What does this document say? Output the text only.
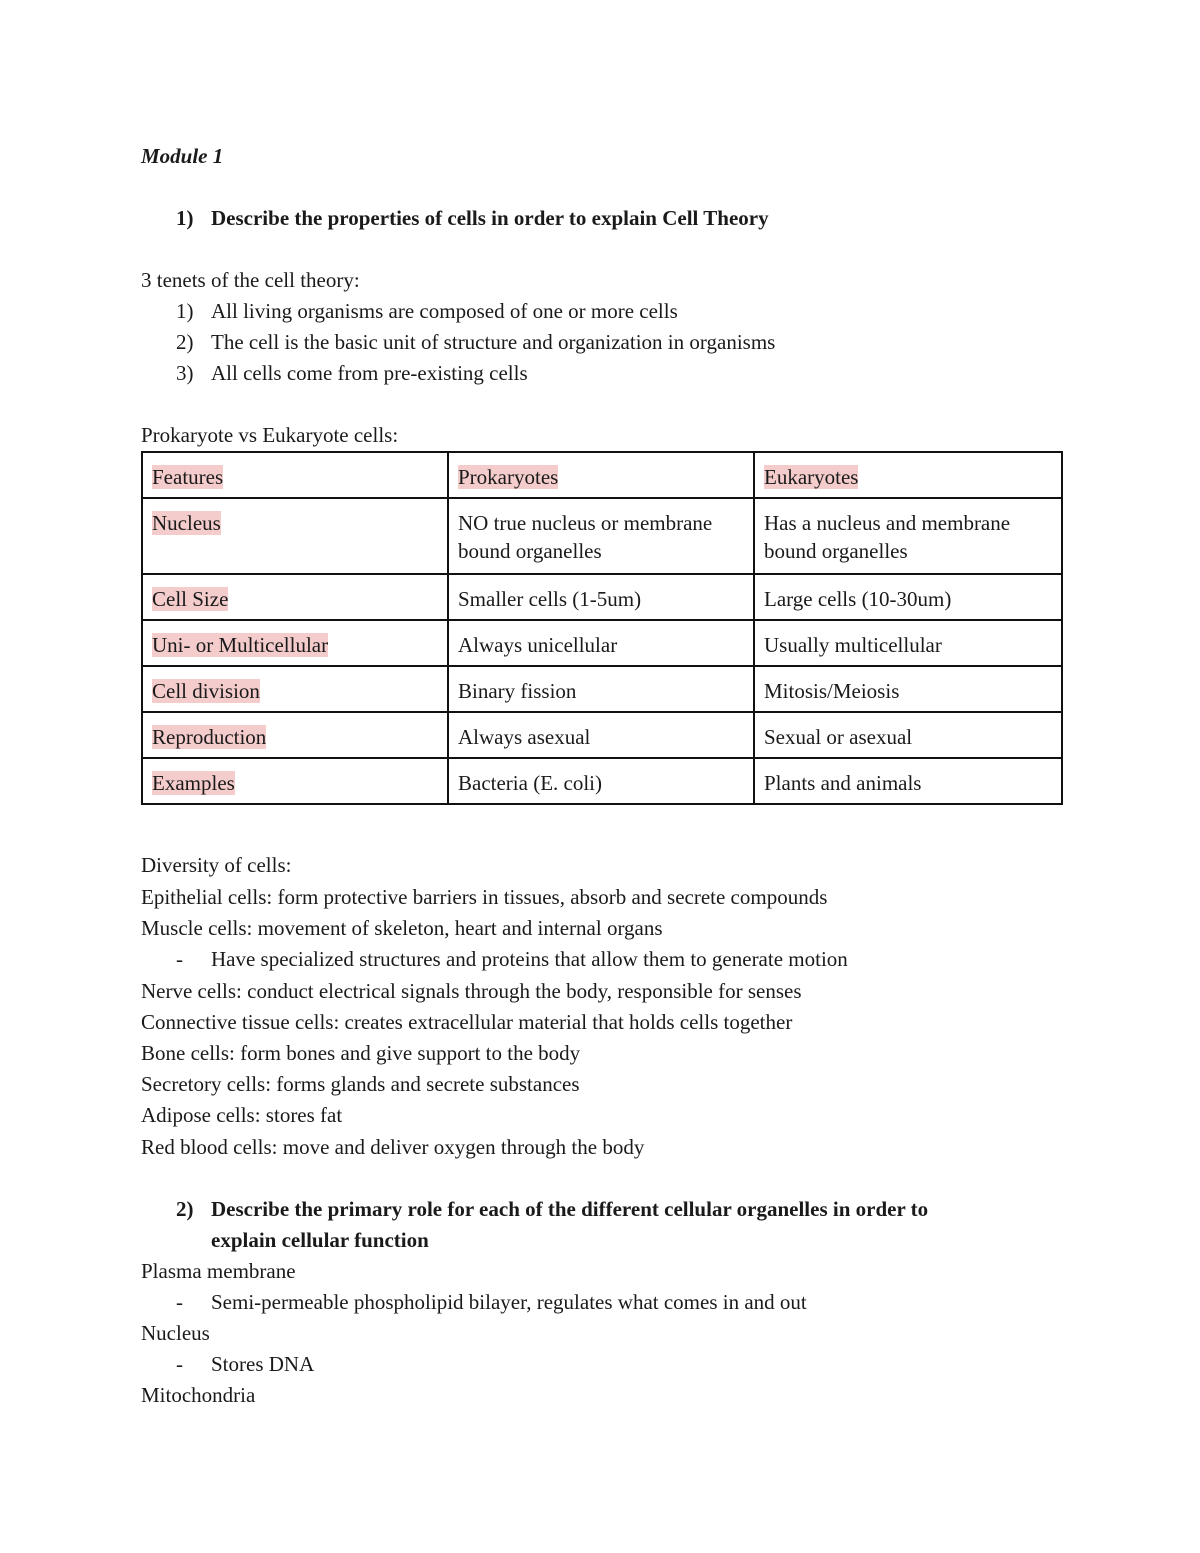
Module 1
1) Describe the properties of cells in order to explain Cell Theory
3 tenets of the cell theory:
1) All living organisms are composed of one or more cells
2) The cell is the basic unit of structure and organization in organisms
3) All cells come from pre-existing cells
Prokaryote vs Eukaryote cells:
Features	Prokaryotes	Eukaryotes
Nucleus	NO true nucleus or membrane bound organelles	Has a nucleus and membrane bound organelles
Cell Size	Smaller cells (1-5um)	Large cells (10-30um)
Uni- or Multicellular	Always unicellular	Usually multicellular
Cell division	Binary fission	Mitosis/Meiosis
Reproduction	Always asexual	Sexual or asexual
Examples	Bacteria (E. coli)	Plants and animals
Diversity of cells:
Epithelial cells: form protective barriers in tissues, absorb and secrete compounds
Muscle cells: movement of skeleton, heart and internal organs
- Have specialized structures and proteins that allow them to generate motion
Nerve cells: conduct electrical signals through the body, responsible for senses
Connective tissue cells: creates extracellular material that holds cells together
Bone cells: form bones and give support to the body
Secretory cells: forms glands and secrete substances
Adipose cells: stores fat
Red blood cells: move and deliver oxygen through the body
2) Describe the primary role for each of the different cellular organelles in order to
explain cellular function
Plasma membrane
- Semi-permeable phospholipid bilayer, regulates what comes in and out
Nucleus
- Stores DNA
Mitochondria
